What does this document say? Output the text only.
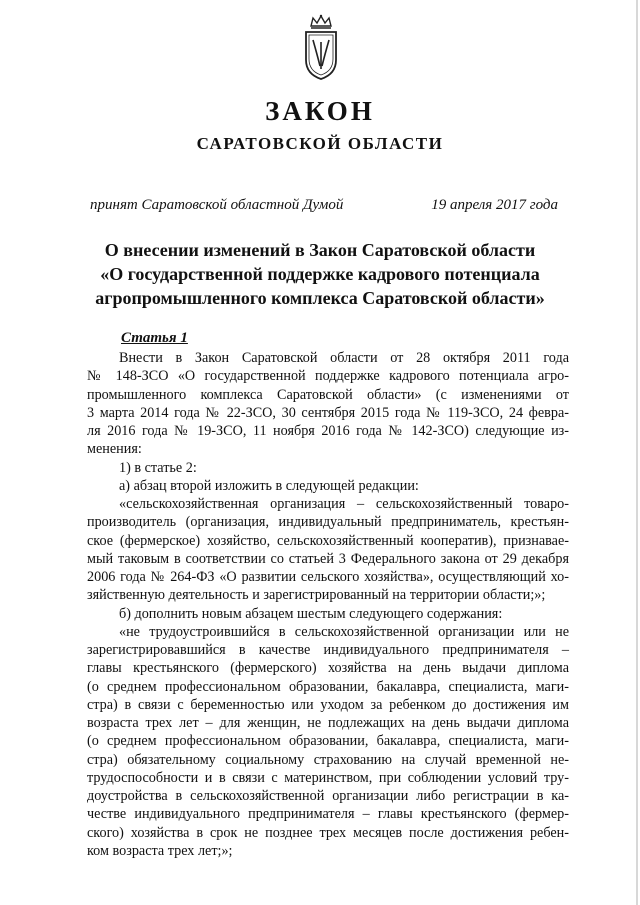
ЗАКОН
САРАТОВСКОЙ ОБЛАСТИ
принят Саратовской областной Думой	19 апреля 2017 года
О внесении изменений в Закон Саратовской области
«О государственной поддержке кадрового потенциала
агропромышленного комплекса Саратовской области»
Статья 1
Внести в Закон Саратовской области от 28 октября 2011 года
№ 148-ЗСО «О государственной поддержке кадрового потенциала агро-
промышленного комплекса Саратовской области» (с изменениями от
3 марта 2014 года № 22-ЗСО, 30 сентября 2015 года № 119-ЗСО, 24 февра-
ля 2016 года № 19-ЗСО, 11 ноября 2016 года № 142-ЗСО) следующие из-
менения:
1) в статье 2:
а) абзац второй изложить в следующей редакции:
«сельскохозяйственная организация – сельскохозяйственный товаро-
производитель (организация, индивидуальный предприниматель, крестьян-
ское (фермерское) хозяйство, сельскохозяйственный кооператив), признавае-
мый таковым в соответствии со статьей 3 Федерального закона от 29 декабря
2006 года № 264-ФЗ «О развитии сельского хозяйства», осуществляющий хо-
зяйственную деятельность и зарегистрированный на территории области;»;
б) дополнить новым абзацем шестым следующего содержания:
«не трудоустроившийся в сельскохозяйственной организации или не
зарегистрировавшийся в качестве индивидуального предпринимателя –
главы крестьянского (фермерского) хозяйства на день выдачи диплома
(о среднем профессиональном образовании, бакалавра, специалиста, маги-
стра) в связи с беременностью или уходом за ребенком до достижения им
возраста трех лет – для женщин, не подлежащих на день выдачи диплома
(о среднем профессиональном образовании, бакалавра, специалиста, маги-
стра) обязательному социальному страхованию на случай временной не-
трудоспособности и в связи с материнством, при соблюдении условий тру-
доустройства в сельскохозяйственной организации либо регистрации в ка-
честве индивидуального предпринимателя – главы крестьянского (фермер-
ского) хозяйства в срок не позднее трех месяцев после достижения ребен-
ком возраста трех лет;»;
